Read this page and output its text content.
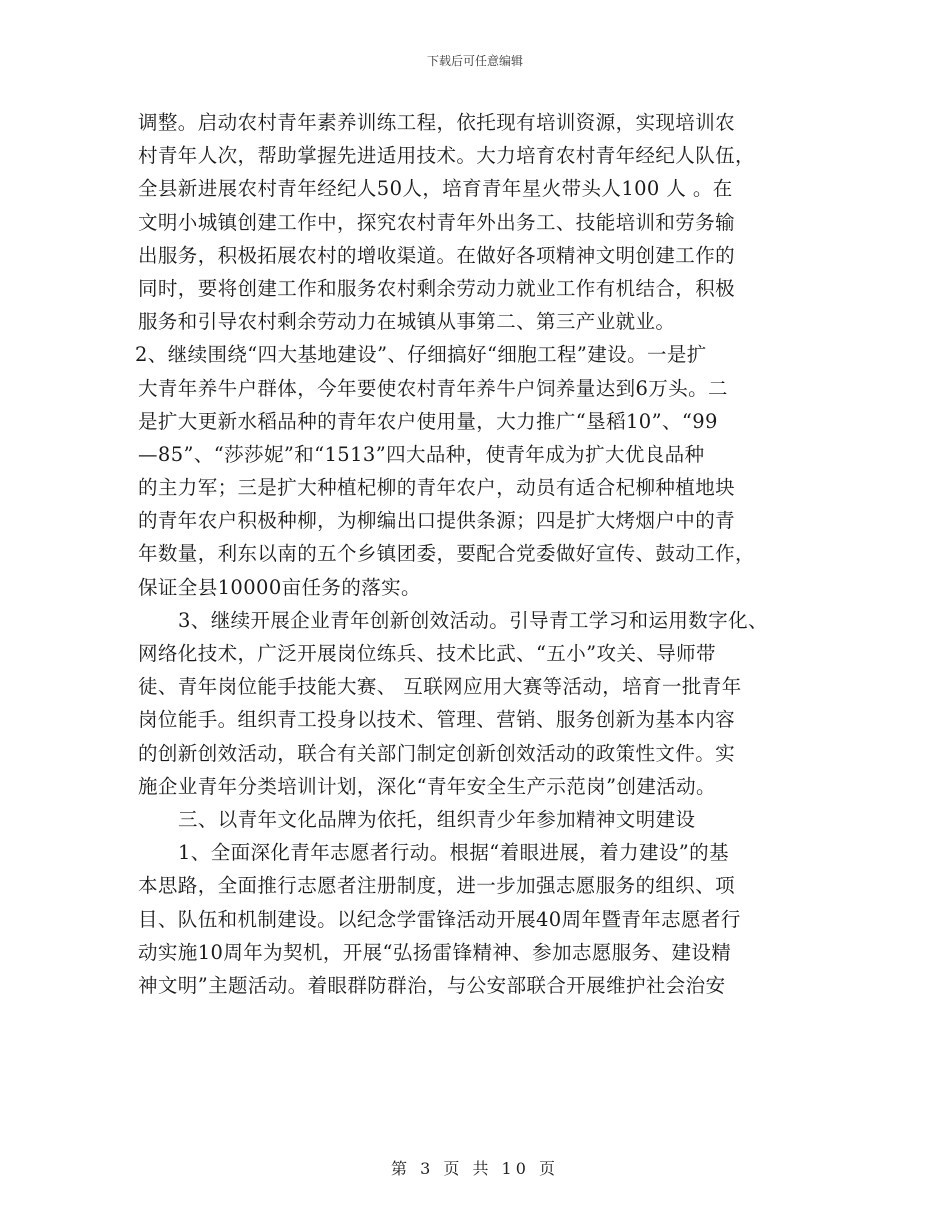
下载后可任意编辑
调整。启动农村青年素养训练工程，依托现有培训资源，实现培训农
村青年人次，帮助掌握先进适用技术。大力培育农村青年经纪人队伍，
全县新进展农村青年经纪人50人，培育青年星火带头人100 人 。在
文明小城镇创建工作中，探究农村青年外出务工、技能培训和劳务输
出服务，积极拓展农村的增收渠道。在做好各项精神文明创建工作的
同时，要将创建工作和服务农村剩余劳动力就业工作有机结合，积极
服务和引导农村剩余劳动力在城镇从事第二、第三产业就业。
2、继续围绕“四大基地建设”、仔细搞好“细胞工程”建设。一是扩
大青年养牛户群体，今年要使农村青年养牛户饲养量达到6万头。二
是扩大更新水稻品种的青年农户使用量，大力推广“垦稻10”、“99
—85”、“莎莎妮”和“1513”四大品种，使青年成为扩大优良品种
的主力军；三是扩大种植杞柳的青年农户，动员有适合杞柳种植地块
的青年农户积极种柳，为柳编出口提供条源；四是扩大烤烟户中的青
年数量，利东以南的五个乡镇团委，要配合党委做好宣传、鼓动工作，
保证全县10000亩任务的落实。
3、继续开展企业青年创新创效活动。引导青工学习和运用数字化、
网络化技术，广泛开展岗位练兵、技术比武、“五小”攻关、导师带
徒、青年岗位能手技能大赛、 互联网应用大赛等活动，培育一批青年
岗位能手。组织青工投身以技术、管理、营销、服务创新为基本内容
的创新创效活动，联合有关部门制定创新创效活动的政策性文件。实
施企业青年分类培训计划，深化“青年安全生产示范岗”创建活动。
三、以青年文化品牌为依托，组织青少年参加精神文明建设
1、全面深化青年志愿者行动。根据“着眼进展，着力建设”的基
本思路，全面推行志愿者注册制度，进一步加强志愿服务的组织、项
目、队伍和机制建设。以纪念学雷锋活动开展40周年暨青年志愿者行
动实施10周年为契机，开展“弘扬雷锋精神、参加志愿服务、建设精
神文明”主题活动。着眼群防群治，与公安部联合开展维护社会治安
第 3 页 共 10 页
